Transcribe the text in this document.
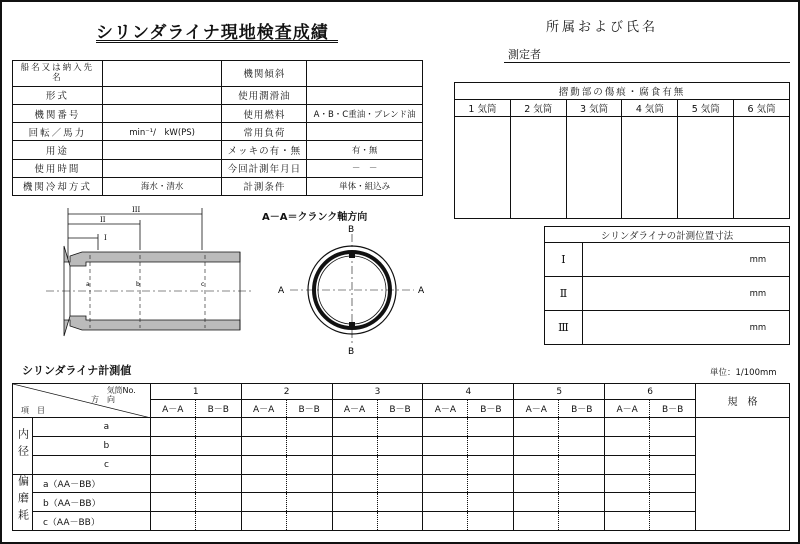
シリンダライナ現地検査成績	所属および氏名
測定者
船名又は納入先名		機関傾斜	
形式		使用潤滑油	
機関番号		使用燃料	A・B・C重油・ブレンド油
回転／馬力	min⁻¹/　kW(PS)	常用負荷	
用途		メッキの有・無	有・無
使用時間		今回計測年月日	－　－
機関冷却方式	海水・清水	計測条件	単体・組込み
摺動部の傷痕・腐食有無					
1 気筒	2 気筒	3 気筒	4 気筒	5 気筒	6 気筒

III
II
I
a	b	c
A－A＝クランク軸方向
B
B
A	A
シリンダライナの計測位置寸法		
Ⅰ		mm
Ⅱ		mm
Ⅲ		mm
シリンダライナ計測値	単位：1/100mm
気筒No.
方　向
項　目		1		2		3		4		5		6		規　格
		A－A	B－B	A－A	B－B	A－A	B－B	A－A	B－B	A－A	B－B	A－A	B－B	
内径	a													
	b													
	c													
偏磨耗	a（AA－BB）													
	b（AA－BB）													
	c（AA－BB）													
